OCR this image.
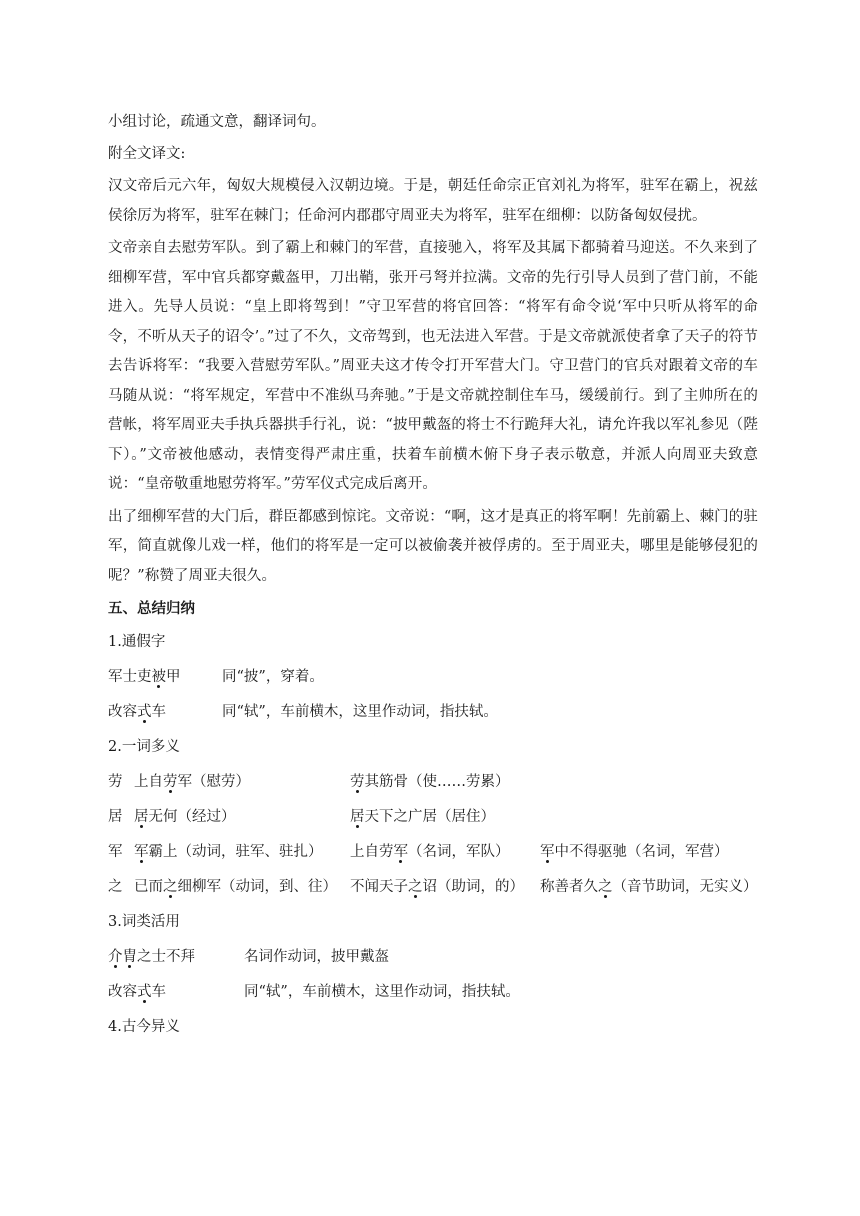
小组讨论，疏通文意，翻译词句。

附全文译文:

汉文帝后元六年，匈奴大规模侵入汉朝边境。于是，朝廷任命宗正官刘礼为将军，驻军在霸上，祝兹侯徐厉为将军，驻军在棘门；任命河内郡郡守周亚夫为将军，驻军在细柳：以防备匈奴侵扰。

文帝亲自去慰劳军队。到了霸上和棘门的军营，直接驰入，将军及其属下都骑着马迎送。不久来到了细柳军营，军中官兵都穿戴盔甲，刀出鞘，张开弓弩并拉满。文帝的先行引导人员到了营门前，不能进入。先导人员说：“皇上即将驾到！”守卫军营的将官回答：“将军有命令说‘军中只听从将军的命令，不听从天子的诏令’。”过了不久，文帝驾到，也无法进入军营。于是文帝就派使者拿了天子的符节去告诉将军：“我要入营慰劳军队。”周亚夫这才传令打开军营大门。守卫营门的官兵对跟着文帝的车马随从说：“将军规定，军营中不准纵马奔驰。”于是文帝就控制住车马，缓缓前行。到了主帅所在的营帐，将军周亚夫手执兵器拱手行礼，说：“披甲戴盔的将士不行跪拜大礼，请允许我以军礼参见（陛下）。”文帝被他感动，表情变得严肃庄重，扶着车前横木俯下身子表示敬意，并派人向周亚夫致意说：“皇帝敬重地慰劳将军。”劳军仪式完成后离开。

出了细柳军营的大门后，群臣都感到惊诧。文帝说：“啊，这才是真正的将军啊！先前霸上、棘门的驻军，简直就像儿戏一样，他们的将军是一定可以被偷袭并被俘虏的。至于周亚夫，哪里是能够侵犯的呢？”称赞了周亚夫很久。

五、总结归纳
1.通假字
军士吏被甲	同“披”，穿着。
改容式车	同“轼”，车前横木，这里作动词，指扶轼。
2.一词多义
劳 上自劳军（慰劳）	劳其筋骨（使……劳累）
居 居无何（经过）	居天下之广居（居住）
军 军霸上（动词，驻军、驻扎）	上自劳军（名词，军队）	军中不得驱驰（名词，军营）
之 已而之细柳军（动词，到、往） 不闻天子之诏（助词，的）	称善者久之（音节助词，无实义）
3.词类活用
介胄之士不拜	名词作动词，披甲戴盔
改容式车	同“轼”，车前横木，这里作动词，指扶轼。
4.古今异义
